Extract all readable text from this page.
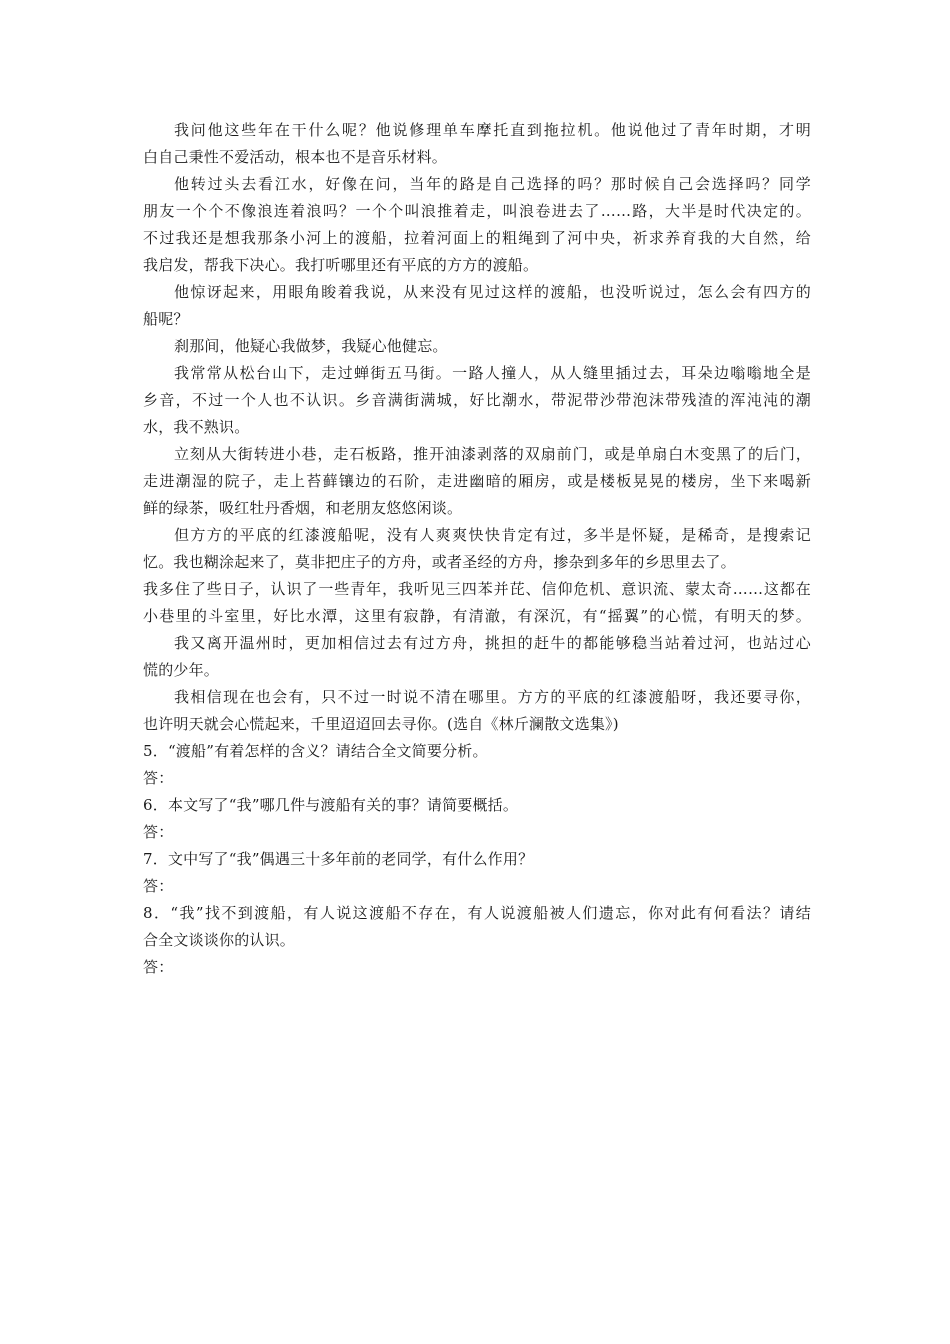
我问他这些年在干什么呢？他说修理单车摩托直到拖拉机。他说他过了青年时期，才明
白自己秉性不爱活动，根本也不是音乐材料。
他转过头去看江水，好像在问，当年的路是自己选择的吗？那时候自己会选择吗？同学
朋友一个个不像浪连着浪吗？一个个叫浪推着走，叫浪卷进去了……路，大半是时代决定的。
不过我还是想我那条小河上的渡船，拉着河面上的粗绳到了河中央，祈求养育我的大自然，给
我启发，帮我下决心。我打听哪里还有平底的方方的渡船。
他惊讶起来，用眼角睃着我说，从来没有见过这样的渡船，也没听说过，怎么会有四方的
船呢？
刹那间，他疑心我做梦，我疑心他健忘。
我常常从松台山下，走过蝉街五马街。一路人撞人，从人缝里插过去，耳朵边嗡嗡地全是
乡音，不过一个人也不认识。乡音满街满城，好比潮水，带泥带沙带泡沫带残渣的浑沌沌的潮
水，我不熟识。
立刻从大街转进小巷，走石板路，推开油漆剥落的双扇前门，或是单扇白木变黑了的后门，
走进潮湿的院子，走上苔藓镶边的石阶，走进幽暗的厢房，或是楼板晃晃的楼房，坐下来喝新
鲜的绿茶，吸红牡丹香烟，和老朋友悠悠闲谈。
但方方的平底的红漆渡船呢，没有人爽爽快快肯定有过，多半是怀疑，是稀奇，是搜索记
忆。我也糊涂起来了，莫非把庄子的方舟，或者圣经的方舟，掺杂到多年的乡思里去了。
我多住了些日子，认识了一些青年，我听见三四苯并芘、信仰危机、意识流、蒙太奇……这都在
小巷里的斗室里，好比水潭，这里有寂静，有清澈，有深沉，有“摇翼”的心慌，有明天的梦。
我又离开温州时，更加相信过去有过方舟，挑担的赶牛的都能够稳当站着过河，也站过心
慌的少年。
我相信现在也会有，只不过一时说不清在哪里。方方的平底的红漆渡船呀，我还要寻你，
也许明天就会心慌起来，千里迢迢回去寻你。(选自《林斤澜散文选集》)
5．“渡船”有着怎样的含义？请结合全文简要分析。
答：
6．本文写了“我”哪几件与渡船有关的事？请简要概括。
答：
7．文中写了“我”偶遇三十多年前的老同学，有什么作用？
答：
8．“我”找不到渡船，有人说这渡船不存在，有人说渡船被人们遗忘，你对此有何看法？请结
合全文谈谈你的认识。
答：
